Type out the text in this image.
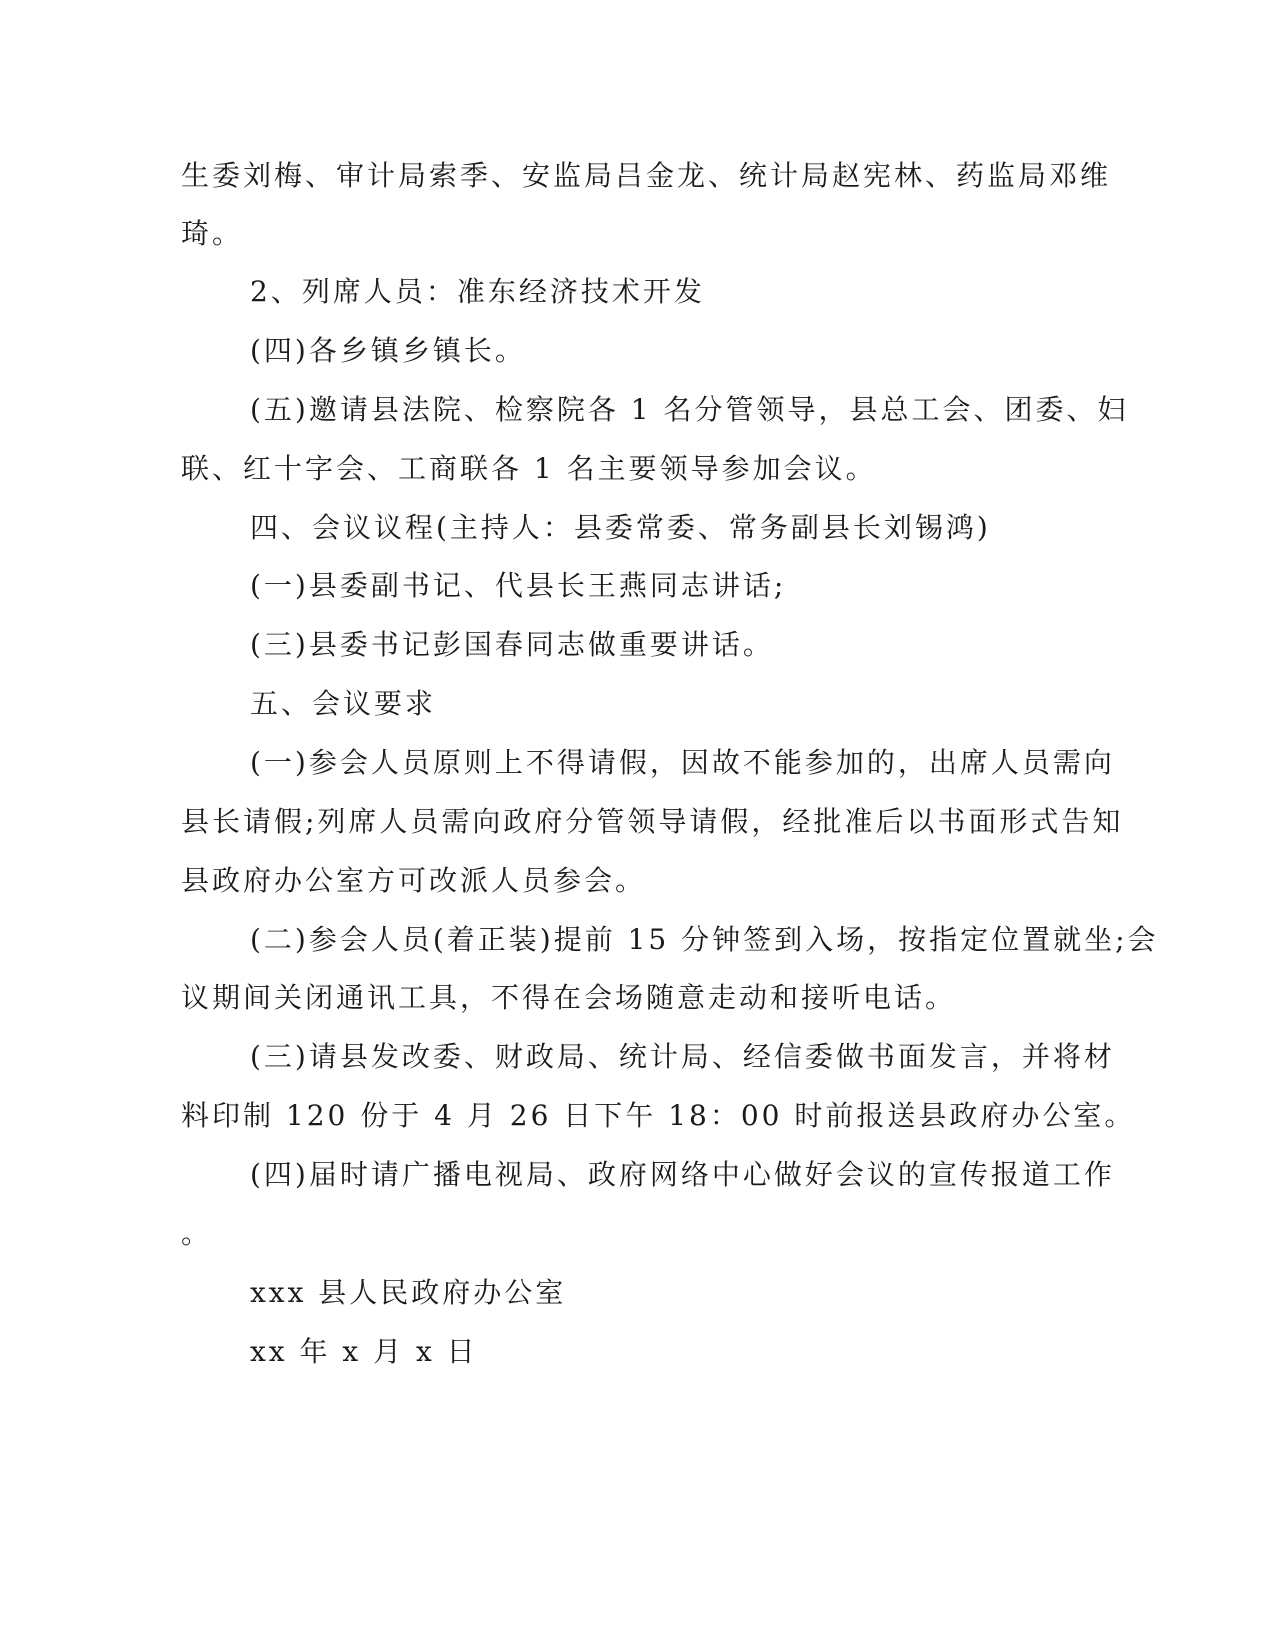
生委刘梅、审计局索季、安监局吕金龙、统计局赵宪林、药监局邓维
琦。
2、列席人员：准东经济技术开发
(四)各乡镇乡镇长。
(五)邀请县法院、检察院各 1 名分管领导，县总工会、团委、妇
联、红十字会、工商联各 1 名主要领导参加会议。
四、会议议程(主持人：县委常委、常务副县长刘锡鸿)
(一)县委副书记、代县长王燕同志讲话;
(三)县委书记彭国春同志做重要讲话。
五、会议要求
(一)参会人员原则上不得请假，因故不能参加的，出席人员需向
县长请假;列席人员需向政府分管领导请假，经批准后以书面形式告知
县政府办公室方可改派人员参会。
(二)参会人员(着正装)提前 15 分钟签到入场，按指定位置就坐;会
议期间关闭通讯工具，不得在会场随意走动和接听电话。
(三)请县发改委、财政局、统计局、经信委做书面发言，并将材
料印制 120 份于 4 月 26 日下午 18：00 时前报送县政府办公室。
(四)届时请广播电视局、政府网络中心做好会议的宣传报道工作
。
xxx 县人民政府办公室
xx 年 x 月 x 日
